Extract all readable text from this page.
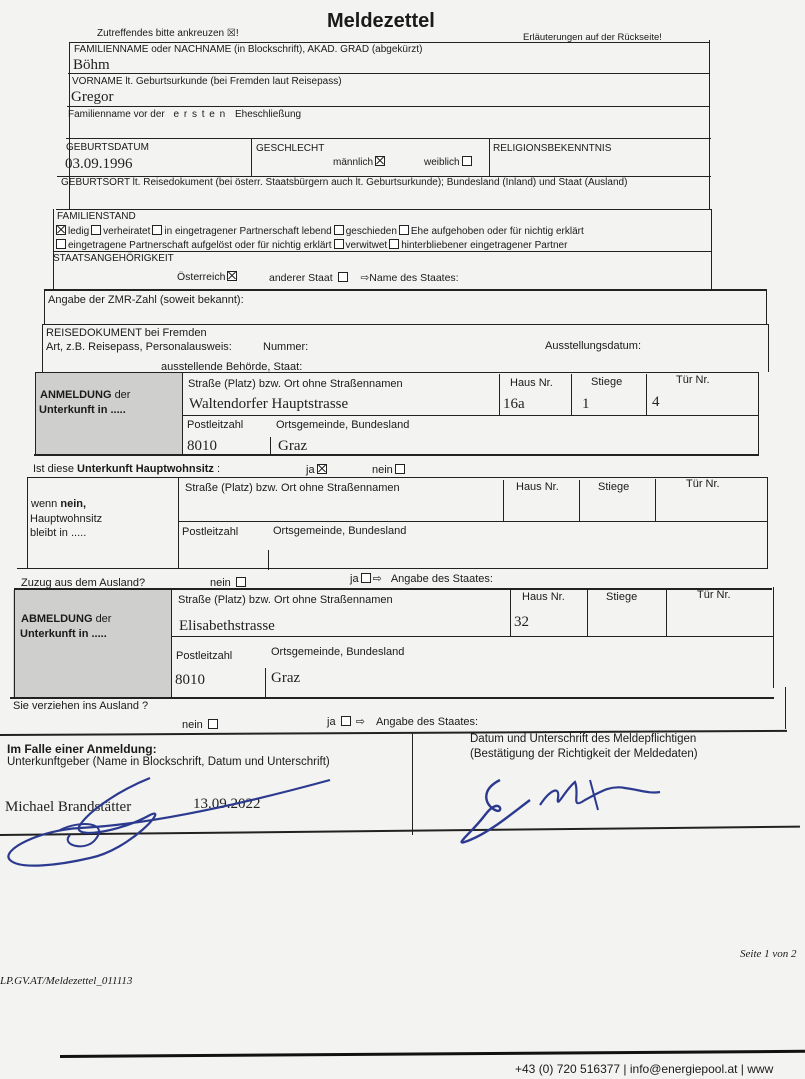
Meldezettel
Zutreffendes bitte ankreuzen ☒!	Erläuterungen auf der Rückseite!
FAMILIENNAME oder NACHNAME (in Blockschrift), AKAD. GRAD (abgekürzt)
Böhm
VORNAME lt. Geburtsurkunde (bei Fremden laut Reisepass)
Gregor
Familienname vor der e r s t e n Eheschließung
GEBURTSDATUM
03.09.1996
GESCHLECHT
männlich	weiblich
RELIGIONSBEKENNTNIS
GEBURTSORT lt. Reisedokument (bei österr. Staatsbürgern auch lt. Geburtsurkunde); Bundesland (Inland) und Staat (Ausland)
FAMILIENSTAND
ledig verheiratet in eingetragener Partnerschaft lebend geschieden Ehe aufgehoben oder für nichtig erklärt
eingetragene Partnerschaft aufgelöst oder für nichtig erklärt verwitwet hinterbliebener eingetragener Partner
STAATSANGEHÖRIGKEIT
Österreich	anderer Staat	⇨Name des Staates:
Angabe der ZMR-Zahl (soweit bekannt):
REISEDOKUMENT bei Fremden
Art, z.B. Reisepass, Personalausweis:	Nummer:	Ausstellungsdatum:
ausstellende Behörde, Staat:
ANMELDUNG der
Unterkunft in .....
Straße (Platz) bzw. Ort ohne Straßennamen	Haus Nr.	Stiege	Tür Nr.
Waltendorfer Hauptstrasse	16a	1	4
Postleitzahl	Ortsgemeinde, Bundesland
8010	Graz
Ist diese Unterkunft Hauptwohnsitz :	ja	nein
wenn nein,
Hauptwohnsitz
bleibt in .....
Straße (Platz) bzw. Ort ohne Straßennamen	Haus Nr.	Stiege	Tür Nr.
Postleitzahl	Ortsgemeinde, Bundesland
Zuzug aus dem Ausland?	nein	ja ⇨ Angabe des Staates:
ABMELDUNG der
Unterkunft in .....
Straße (Platz) bzw. Ort ohne Straßennamen	Haus Nr.	Stiege	Tür Nr.
Elisabethstrasse	32
Postleitzahl	Ortsgemeinde, Bundesland
8010	Graz
Sie verziehen ins Ausland ?
nein	ja ⇨ Angabe des Staates:
Im Falle einer Anmeldung:
Unterkunftgeber (Name in Blockschrift, Datum und Unterschrift)
Michael Brandstätter	13.09.2022
Datum und Unterschrift des Meldepflichtigen
(Bestätigung der Richtigkeit der Meldedaten)
Seite 1 von 2
LP.GV.AT/Meldezettel_011113
+43 (0) 720 516377 | info@energiepool.at | www
